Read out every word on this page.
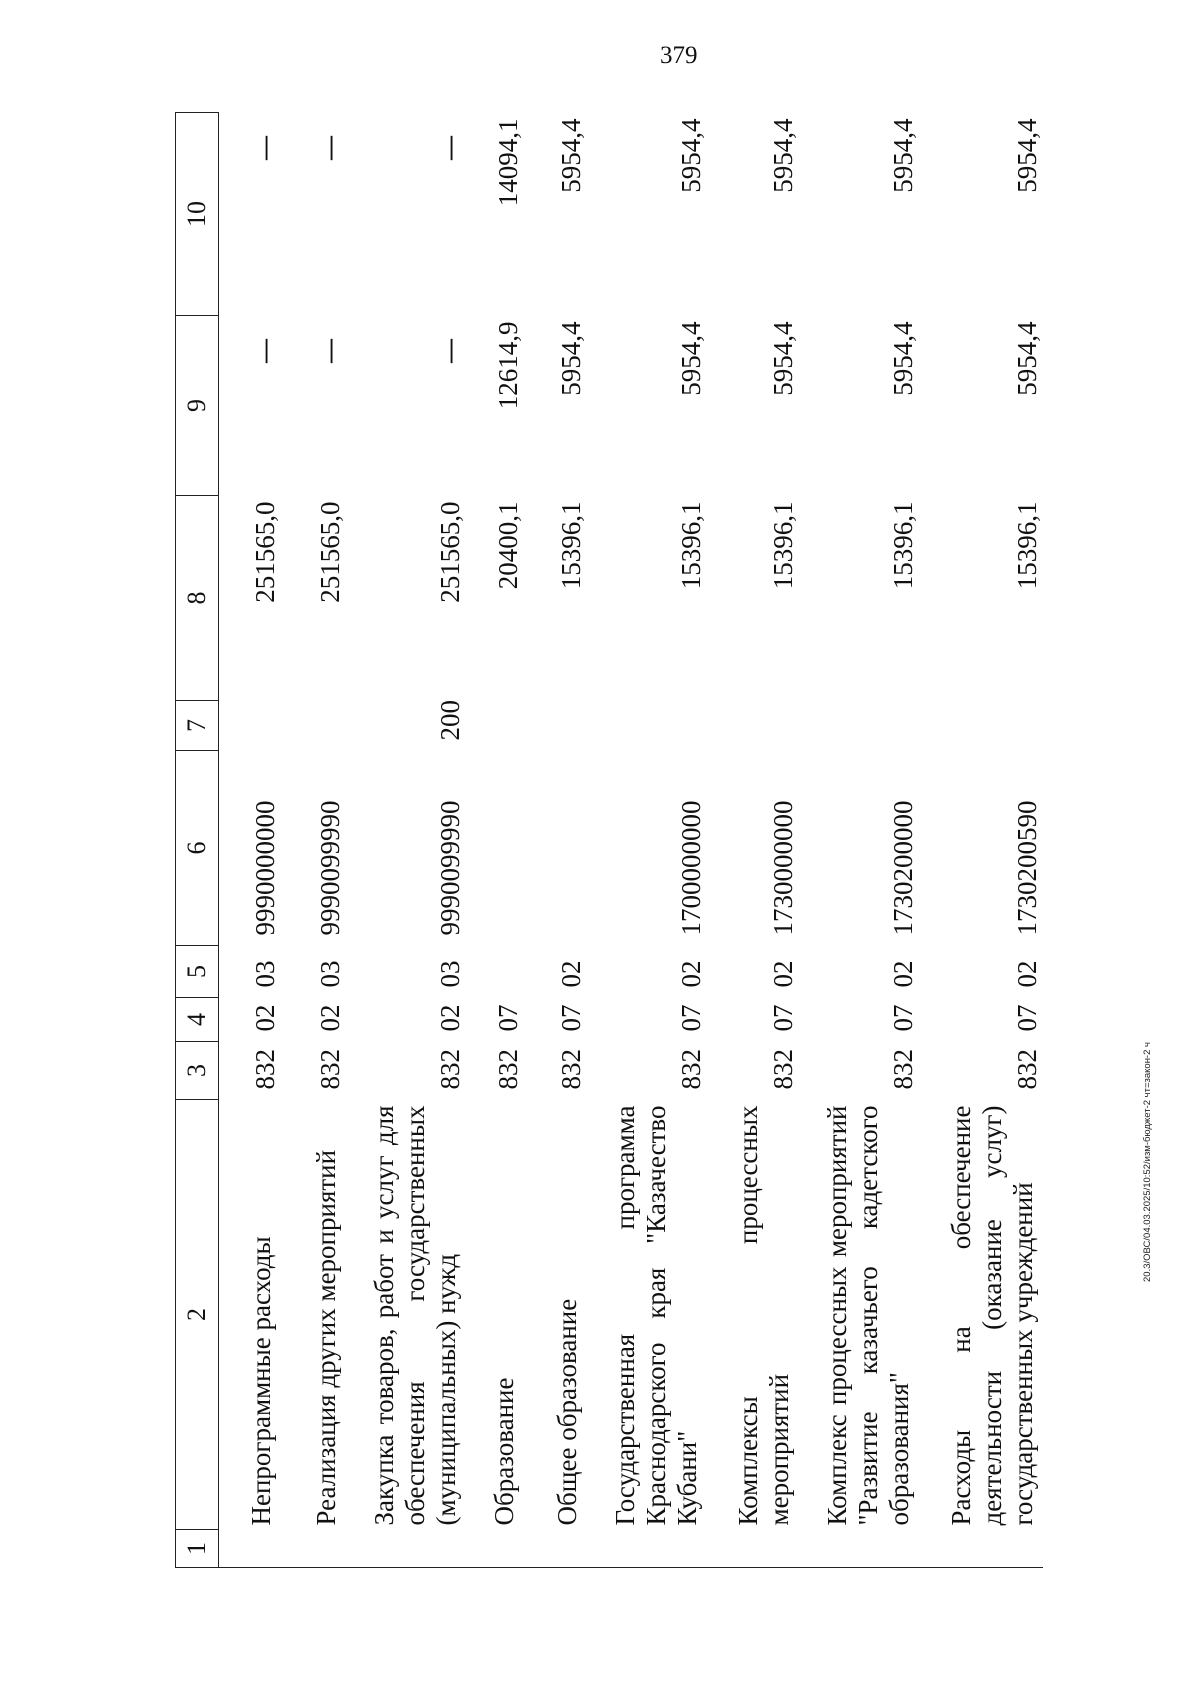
379
20.3/ОВС/04.03.2025/10:52/изм-бюджет-2 чт=закон-2 ч
1	2	3	4	5	6	7	8	9	10
	Непрограммные расходы	832	02	03	9990000000		251565,0	—	—
	Реализация других мероприятий	832	02	03	9990099990		251565,0	—	—
	Закупка товаров, работ и услуг для обеспечения государственных (муниципальных) нужд	832	02	03	9990099990	200	251565,0	—	—
	Образование	832	07				20400,1	12614,9	14094,1
	Общее образование	832	07	02			15396,1	5954,4	5954,4
	Государственная программа Краснодарского края "Казачество Кубани"	832	07	02	1700000000		15396,1	5954,4	5954,4
	Комплексы процессных мероприятий	832	07	02	1730000000		15396,1	5954,4	5954,4
	Комплекс процессных мероприятий "Развитие казачьего кадетского образования"	832	07	02	1730200000		15396,1	5954,4	5954,4
	Расходы на обеспечение деятельности (оказание услуг) государственных учреждений	832	07	02	1730200590		15396,1	5954,4	5954,4
